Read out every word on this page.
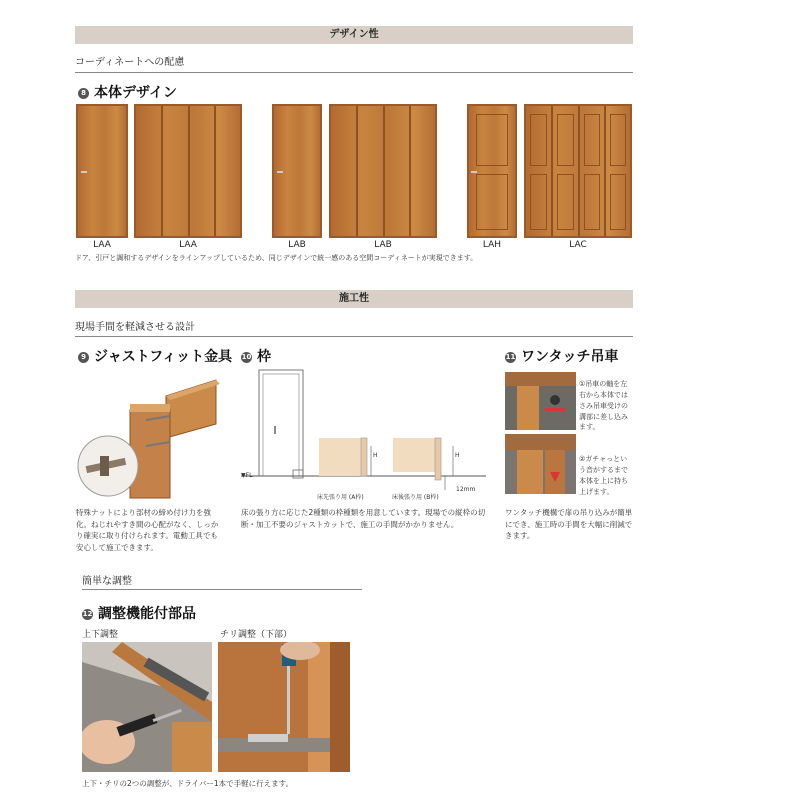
デザイン性
コーディネートへの配慮
8 本体デザイン
LAA	LAA	LAB	LAB	LAH	LAC
ドア、引戸と調和するデザインをラインアップしているため、同じデザインで統一感のある空間コーディネートが実現できます。
施工性
現場手間を軽減させる設計
9 ジャストフィット金具
特殊ナットにより部材の締め付け力を強化。ねじれやすき間の心配がなく、しっかり確実に取り付けられます。電動工具でも安心して施工できます。
10 枠
▼FL
床先張り用 (A枠)	床後張り用 (B枠)
H	H
12mm
床の張り方に応じた2種類の枠種類を用意しています。現場での縦枠の切断・加工不要のジャストカットで、施工の手間がかかりません。
11 ワンタッチ吊車
①吊車の軸を左右から本体ではさみ吊車受けの溝部に差し込みます。
②ガチャっという音がするまで本体を上に持ち上げます。
ワンタッチ機構で扉の吊り込みが簡単にでき、施工時の手間を大幅に削減できます。
簡単な調整
12 調整機能付部品
上下調整	チリ調整（下部）
上下・チリの2つの調整が、ドライバー1本で手軽に行えます。
